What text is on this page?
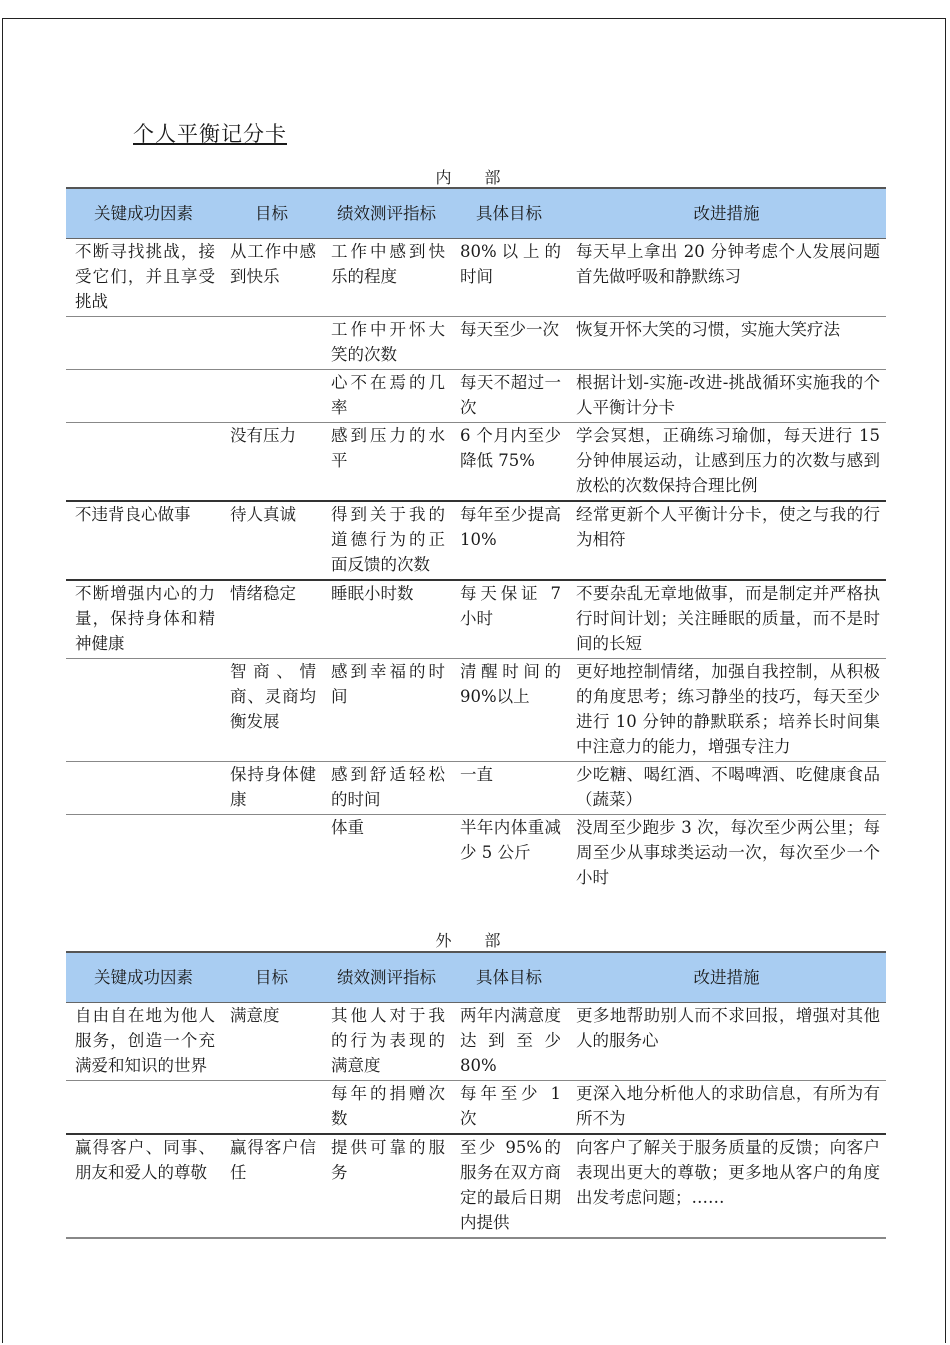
个人平衡记分卡
内 部
关键成功因素	目标	绩效测评指标	具体目标	改进措施
不断寻找挑战，接受它们，并且享受挑战	从工作中感到快乐	工作中感到快乐的程度	80%以上的时间	每天早上拿出 20 分钟考虑个人发展问题首先做呼吸和静默练习
		工作中开怀大笑的次数	每天至少一次	恢复开怀大笑的习惯，实施大笑疗法
		心不在焉的几率	每天不超过一次	根据计划-实施-改进-挑战循环实施我的个人平衡计分卡
	没有压力	感到压力的水平	6 个月内至少降低 75%	学会冥想，正确练习瑜伽，每天进行 15 分钟伸展运动，让感到压力的次数与感到放松的次数保持合理比例
不违背良心做事	待人真诚	得到关于我的道德行为的正面反馈的次数	每年至少提高 10%	经常更新个人平衡计分卡，使之与我的行为相符
不断增强内心的力量，保持身体和精神健康	情绪稳定	睡眠小时数	每天保证 7 小时	不要杂乱无章地做事，而是制定并严格执行时间计划；关注睡眠的质量，而不是时间的长短
	智商、情商、灵商均衡发展	感到幸福的时间	清醒时间的 90%以上	更好地控制情绪，加强自我控制，从积极的角度思考；练习静坐的技巧，每天至少进行 10 分钟的静默联系；培养长时间集中注意力的能力，增强专注力
	保持身体健康	感到舒适轻松的时间	一直	少吃糖、喝红酒、不喝啤酒、吃健康食品（蔬菜）
		体重	半年内体重减少 5 公斤	没周至少跑步 3 次，每次至少两公里；每周至少从事球类运动一次，每次至少一个小时
外 部
关键成功因素	目标	绩效测评指标	具体目标	改进措施
自由自在地为他人服务，创造一个充满爱和知识的世界	满意度	其他人对于我的行为表现的满意度	两年内满意度达到至少 80%	更多地帮助别人而不求回报，增强对其他人的服务心
		每年的捐赠次数	每年至少 1 次	更深入地分析他人的求助信息，有所为有所不为
赢得客户、同事、朋友和爱人的尊敬	赢得客户信任	提供可靠的服务	至少 95%的服务在双方商定的最后日期内提供	向客户了解关于服务质量的反馈；向客户表现出更大的尊敬；更多地从客户的角度出发考虑问题；……
